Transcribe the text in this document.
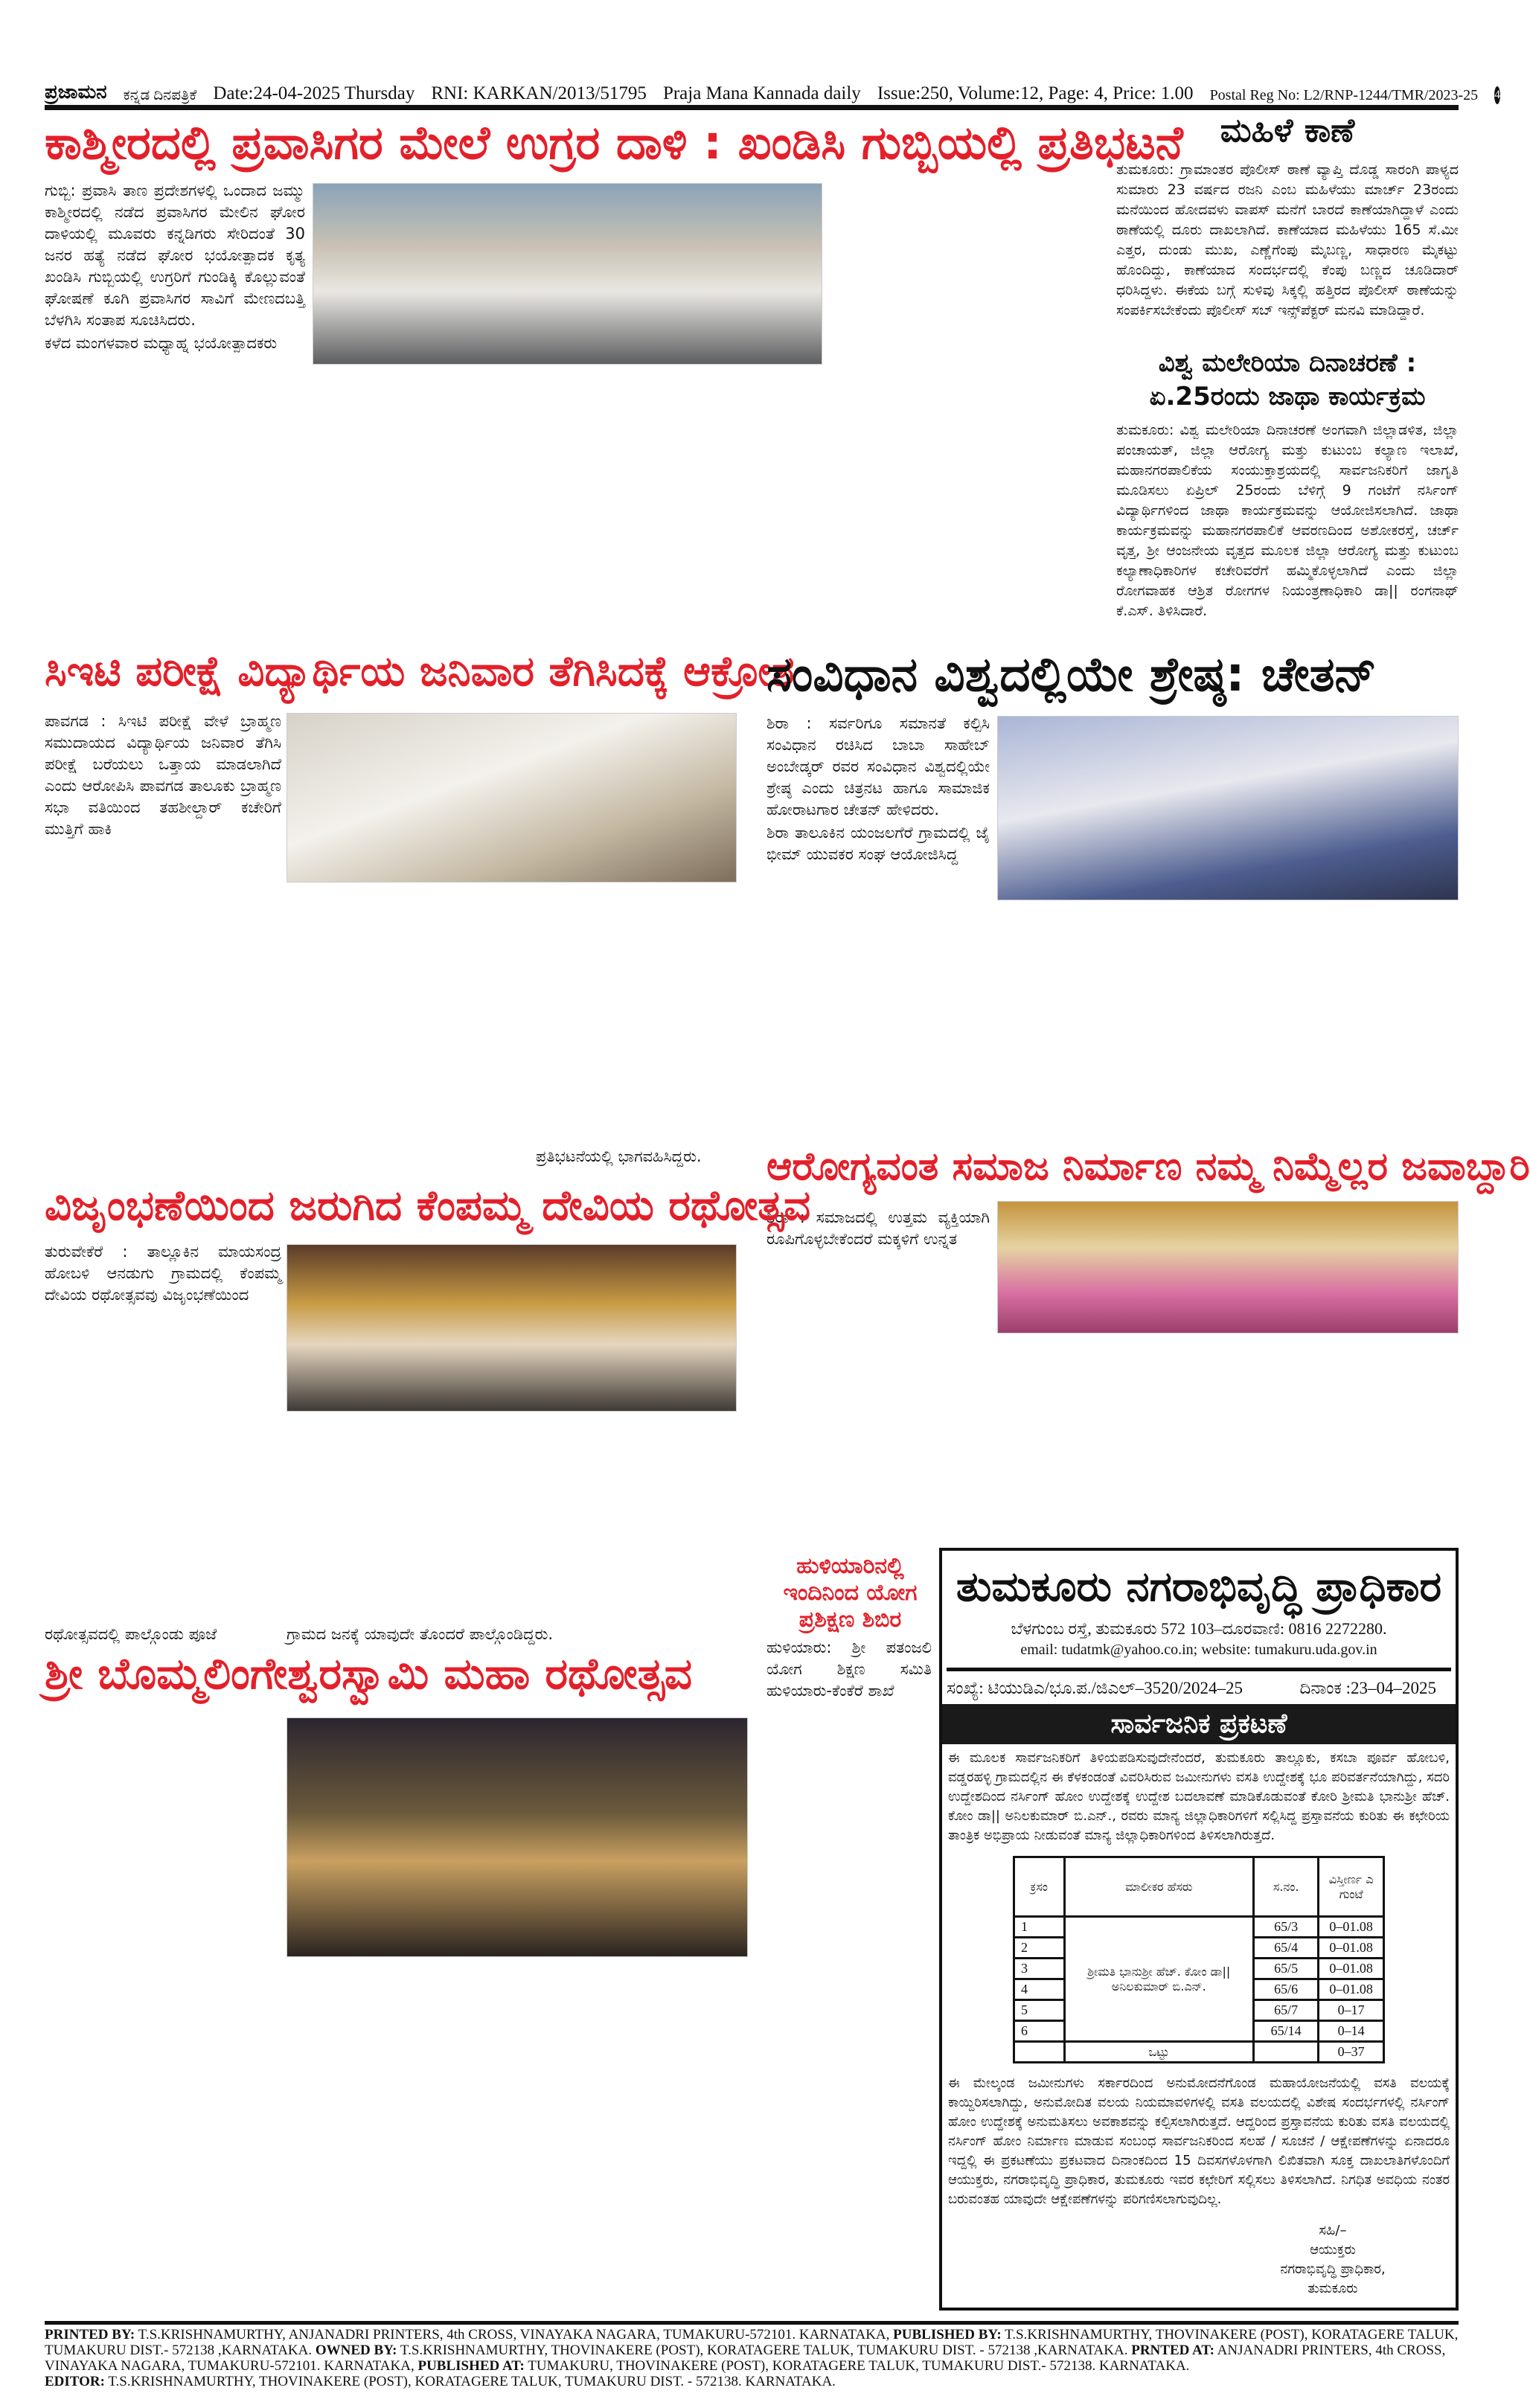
ಪ್ರಜಾಮನ ಕನ್ನಡ ದಿನಪತ್ರಿಕೆ Date:24-04-2025 Thursday RNI: KARKAN/2013/51795 Praja Mana Kannada daily Issue:250, Volume:12, Page: 4, Price: 1.00 Postal Reg No: L2/RNP-1244/TMR/2023-25 4
ಕಾಶ್ಮೀರದಲ್ಲಿ ಪ್ರವಾಸಿಗರ ಮೇಲೆ ಉಗ್ರರ ದಾಳಿ : ಖಂಡಿಸಿ ಗುಬ್ಬಿಯಲ್ಲಿ ಪ್ರತಿಭಟನೆ

ಗುಬ್ಬಿ: ಪ್ರವಾಸಿ ತಾಣ ಪ್ರದೇಶಗಳಲ್ಲಿ ಒಂದಾದ ಜಮ್ಮು ಕಾಶ್ಮೀರದಲ್ಲಿ ನಡೆದ ಪ್ರವಾಸಿಗರ ಮೇಲಿನ ಘೋರ ದಾಳಿಯಲ್ಲಿ ಮೂವರು ಕನ್ನಡಿಗರು ಸೇರಿದಂತೆ 30 ಜನರ ಹತ್ಯೆ ನಡೆದ ಘೋರ ಭಯೋತ್ಪಾದಕ ಕೃತ್ಯ ಖಂಡಿಸಿ ಗುಬ್ಬಿಯಲ್ಲಿ ಉಗ್ರರಿಗೆ ಗುಂಡಿಕ್ಕಿ ಕೊಲ್ಲುವಂತೆ ಘೋಷಣೆ ಕೂಗಿ ಪ್ರವಾಸಿಗರ ಸಾವಿಗೆ ಮೇಣದಬತ್ತಿ ಬೆಳಗಿಸಿ ಸಂತಾಪ ಸೂಚಿಸಿದರು.

ಕಳೆದ ಮಂಗಳವಾರ ಮಧ್ಯಾಹ್ನ ಭಯೋತ್ಪಾದಕರು

ಮಹಿಳೆ ಕಾಣೆ

ತುಮಕೂರು: ಗ್ರಾಮಾಂತರ ಪೊಲೀಸ್ ಠಾಣೆ ವ್ಯಾಪ್ತಿ ದೊಡ್ಡ ಸಾರಂಗಿ ಪಾಳ್ಯದ ಸುಮಾರು 23 ವರ್ಷದ ರಜನಿ ಎಂಬ ಮಹಿಳೆಯು ಮಾರ್ಚ್ 23ರಂದು ಮನೆಯಿಂದ ಹೋದವಳು ವಾಪಸ್ ಮನೆಗೆ ಬಾರದೆ ಕಾಣೆಯಾಗಿದ್ದಾಳೆ ಎಂದು ಠಾಣೆಯಲ್ಲಿ ದೂರು ದಾಖಲಾಗಿದೆ. ಕಾಣೆಯಾದ ಮಹಿಳೆಯು 165 ಸೆ.ಮೀ ಎತ್ತರ, ದುಂಡು ಮುಖ, ಎಣ್ಣೆಗೆಂಪು ಮೈಬಣ್ಣ, ಸಾಧಾರಣ ಮೈಕಟ್ಟು ಹೊಂದಿದ್ದು, ಕಾಣೆಯಾದ ಸಂದರ್ಭದಲ್ಲಿ ಕೆಂಪು ಬಣ್ಣದ ಚೂಡಿದಾರ್ ಧರಿಸಿದ್ದಳು. ಈಕೆಯ ಬಗ್ಗೆ ಸುಳಿವು ಸಿಕ್ಕಲ್ಲಿ ಹತ್ತಿರದ ಪೊಲೀಸ್ ಠಾಣೆಯನ್ನು ಸಂಪರ್ಕಿಸಬೇಕೆಂದು ಪೊಲೀಸ್ ಸಬ್ ಇನ್ಸ್‌ಪೆಕ್ಟರ್ ಮನವಿ ಮಾಡಿದ್ದಾರೆ.

ವಿಶ್ವ ಮಲೇರಿಯಾ ದಿನಾಚರಣೆ :
ಏ.25ರಂದು ಜಾಥಾ ಕಾರ್ಯಕ್ರಮ

ತುಮಕೂರು: ವಿಶ್ವ ಮಲೇರಿಯಾ ದಿನಾಚರಣೆ ಅಂಗವಾಗಿ ಜಿಲ್ಲಾಡಳಿತ, ಜಿಲ್ಲಾ ಪಂಚಾಯತ್, ಜಿಲ್ಲಾ ಆರೋಗ್ಯ ಮತ್ತು ಕುಟುಂಬ ಕಲ್ಯಾಣ ಇಲಾಖೆ, ಮಹಾನಗರಪಾಲಿಕೆಯ ಸಂಯುಕ್ತಾಶ್ರಯದಲ್ಲಿ ಸಾರ್ವಜನಿಕರಿಗೆ ಜಾಗೃತಿ ಮೂಡಿಸಲು ಏಪ್ರಿಲ್ 25ರಂದು ಬೆಳಿಗ್ಗೆ 9 ಗಂಟೆಗೆ ನರ್ಸಿಂಗ್ ವಿದ್ಯಾರ್ಥಿಗಳಿಂದ ಜಾಥಾ ಕಾರ್ಯಕ್ರಮವನ್ನು ಆಯೋಜಿಸಲಾಗಿದೆ. ಜಾಥಾ ಕಾರ್ಯಕ್ರಮವನ್ನು ಮಹಾನಗರಪಾಲಿಕೆ ಆವರಣದಿಂದ ಅಶೋಕರಸ್ತೆ, ಚರ್ಚ್ ವೃತ್ತ, ಶ್ರೀ ಆಂಜನೇಯ ವೃತ್ತದ ಮೂಲಕ ಜಿಲ್ಲಾ ಆರೋಗ್ಯ ಮತ್ತು ಕುಟುಂಬ ಕಲ್ಯಾಣಾಧಿಕಾರಿಗಳ ಕಚೇರಿವರೆಗೆ ಹಮ್ಮಿಕೊಳ್ಳಲಾಗಿದೆ ಎಂದು ಜಿಲ್ಲಾ ರೋಗವಾಹಕ ಆಶ್ರಿತ ರೋಗಗಳ ನಿಯಂತ್ರಣಾಧಿಕಾರಿ ಡಾ|| ರಂಗನಾಥ್ ಕೆ.ಎಸ್. ತಿಳಿಸಿದಾರೆ.

ಸಿಇಟಿ ಪರೀಕ್ಷೆ ವಿದ್ಯಾರ್ಥಿಯ ಜನಿವಾರ ತೆಗಿಸಿದಕ್ಕೆ ಆಕ್ರೋಶ

ಪಾವಗಡ : ಸಿಇಟಿ ಪರೀಕ್ಷೆ ವೇಳೆ ಬ್ರಾಹ್ಮಣ ಸಮುದಾಯದ ವಿದ್ಯಾರ್ಥಿಯ ಜನಿವಾರ ತೆಗಿಸಿ ಪರೀಕ್ಷೆ ಬರೆಯಲು ಒತ್ತಾಯ ಮಾಡಲಾಗಿದೆ ಎಂದು ಆರೋಪಿಸಿ ಪಾವಗಡ ತಾಲೂಕು ಬ್ರಾಹ್ಮಣ ಸಭಾ ವತಿಯಿಂದ ತಹಶೀಲ್ದಾರ್ ಕಚೇರಿಗೆ ಮುತ್ತಿಗೆ ಹಾಕಿ

ಪ್ರತಿಭಟನೆಯಲ್ಲಿ ಭಾಗವಹಿಸಿದ್ದರು.
ಸಂವಿಧಾನ ವಿಶ್ವದಲ್ಲಿಯೇ ಶ್ರೇಷ್ಠ: ಚೇತನ್

ಶಿರಾ : ಸರ್ವರಿಗೂ ಸಮಾನತೆ ಕಲ್ಪಿಸಿ ಸಂವಿಧಾನ ರಚಿಸಿದ ಬಾಬಾ ಸಾಹೇಬ್ ಅಂಬೇಡ್ಕರ್ ರವರ ಸಂವಿಧಾನ ವಿಶ್ವದಲ್ಲಿಯೇ ಶ್ರೇಷ್ಠ ಎಂದು ಚಿತ್ರನಟ ಹಾಗೂ ಸಾಮಾಜಿಕ ಹೋರಾಟಗಾರ ಚೇತನ್ ಹೇಳಿದರು.

ಶಿರಾ ತಾಲೂಕಿನ ಯಂಜಲಗೆರೆ ಗ್ರಾಮದಲ್ಲಿ ಜೈ ಭೀಮ್ ಯುವಕರ ಸಂಘ ಆಯೋಜಿಸಿದ್ದ

ಆರೋಗ್ಯವಂತ ಸಮಾಜ ನಿರ್ಮಾಣ ನಮ್ಮ ನಿಮ್ಮೆಲ್ಲರ ಜವಾಬ್ದಾರಿ

ಶಿರಾ : ಸಮಾಜದಲ್ಲಿ ಉತ್ತಮ ವ್ಯಕ್ತಿಯಾಗಿ ರೂಪಿಗೊಳ್ಳಬೇಕೆಂದರೆ ಮಕ್ಕಳಿಗೆ ಉನ್ನತ

ವಿಜೃಂಭಣೆಯಿಂದ ಜರುಗಿದ ಕೆಂಪಮ್ಮ ದೇವಿಯ ರಥೋತ್ಸವ

ತುರುವೇಕೆರೆ : ತಾಲ್ಲೂಕಿನ ಮಾಯಸಂದ್ರ ಹೋಬಳಿ ಆನಡುಗು ಗ್ರಾಮದಲ್ಲಿ ಕೆಂಪಮ್ಮ ದೇವಿಯ ರಥೋತ್ಸವವು ವಿಜೃಂಭಣೆಯಿಂದ

ರಥೋತ್ಸವದಲ್ಲಿ ಪಾಲ್ಗೊಂಡು ಪೂಜೆ	ಗ್ರಾಮದ ಜನಕ್ಕೆ ಯಾವುದೇ ತೊಂದರೆ ಪಾಲ್ಗೊಂಡಿದ್ದರು.
ಹುಳಿಯಾರಿನಲ್ಲಿ
ಇಂದಿನಿಂದ ಯೋಗ
ಪ್ರಶಿಕ್ಷಣ ಶಿಬಿರ

ಹುಳಿಯಾರು: ಶ್ರೀ ಪತಂಜಲಿ ಯೋಗ ಶಿಕ್ಷಣ ಸಮಿತಿ ಹುಳಿಯಾರು-ಕೆಂಕೆರೆ ಶಾಖೆ

ಶ್ರೀ ಬೊಮ್ಮಲಿಂಗೇಶ್ವರಸ್ವಾಮಿ ಮಹಾ ರಥೋತ್ಸವ
ತುಮಕೂರು ನಗರಾಭಿವೃದ್ಧಿ ಪ್ರಾಧಿಕಾರ
ಬೆಳಗುಂಬ ರಸ್ತೆ, ತುಮಕೂರು 572 103–ದೂರವಾಣಿ: 0816 2272280.
email: tudatmk@yahoo.co.in; website: tumakuru.uda.gov.in
ಸಂಖ್ಯೆ: ಟಿಯುಡಿಎ/ಭೂ.ಪ./ಜಿಎಲ್–3520/2024–25	ದಿನಾಂಕ :23–04–2025
ಸಾರ್ವಜನಿಕ ಪ್ರಕಟಣೆ
ಈ ಮೂಲಕ ಸಾರ್ವಜನಿಕರಿಗೆ ತಿಳಿಯಪಡಿಸುವುದೇನೆಂದರೆ, ತುಮಕೂರು ತಾಲ್ಲೂಕು, ಕಸಬಾ ಪೂರ್ವ ಹೋಬಳಿ, ವಡ್ಡರಹಳ್ಳಿ ಗ್ರಾಮದಲ್ಲಿನ ಈ ಕೆಳಕಂಡಂತೆ ವಿವರಿಸಿರುವ ಜಮೀನುಗಳು ವಸತಿ ಉದ್ದೇಶಕ್ಕೆ ಭೂ ಪರಿವರ್ತನೆಯಾಗಿದ್ದು, ಸದರಿ ಉದ್ದೇಶದಿಂದ ನರ್ಸಿಂಗ್ ಹೋಂ ಉದ್ದೇಶಕ್ಕೆ ಉದ್ದೇಶ ಬದಲಾವಣೆ ಮಾಡಿಕೊಡುವಂತೆ ಕೋರಿ ಶ್ರೀಮತಿ ಭಾನುಶ್ರೀ ಹೆಚ್. ಕೋಂ ಡಾ|| ಅನಿಲಕುಮಾರ್ ಬಿ.ಎನ್., ರವರು ಮಾನ್ಯ ಜಿಲ್ಲಾಧಿಕಾರಿಗಳಿಗೆ ಸಲ್ಲಿಸಿದ್ದ ಪ್ರಸ್ತಾವನೆಯ ಕುರಿತು ಈ ಕಛೇರಿಯ ತಾಂತ್ರಿಕ ಅಭಿಪ್ರಾಯ ನೀಡುವಂತೆ ಮಾನ್ಯ ಜಿಲ್ಲಾಧಿಕಾರಿಗಳಿಂದ ತಿಳಿಸಲಾಗಿರುತ್ತದೆ.
ಕ್ರಸಂ	ಮಾಲೀಕರ ಹೆಸರು	ಸ.ನಂ.	ವಿಸ್ತೀರ್ಣ ಎ ಗುಂಟೆ
1	ಶ್ರೀಮತಿ ಭಾನುಶ್ರೀ ಹೆಚ್. ಕೋಂ ಡಾ|| ಅನಿಲಕುಮಾರ್ ಬಿ.ಎನ್.	65/3	0–01.08
2		65/4	0–01.08
3		65/5	0–01.08
4		65/6	0–01.08
5		65/7	0–17
6		65/14	0–14
	ಒಟ್ಟು		0–37
ಈ ಮೇಲ್ಕಂಡ ಜಮೀನುಗಳು ಸರ್ಕಾರದಿಂದ ಅನುಮೋದನೆಗೊಂಡ ಮಹಾಯೋಜನೆಯಲ್ಲಿ ವಸತಿ ವಲಯಕ್ಕೆ ಕಾಯ್ದಿರಿಸಲಾಗಿದ್ದು, ಅನುಮೋದಿತ ವಲಯ ನಿಯಮಾವಳಿಗಳಲ್ಲಿ ವಸತಿ ವಲಯದಲ್ಲಿ ವಿಶೇಷ ಸಂದರ್ಭಗಳಲ್ಲಿ ನರ್ಸಿಂಗ್ ಹೋಂ ಉದ್ದೇಶಕ್ಕೆ ಅನುಮತಿಸಲು ಅವಕಾಶವನ್ನು ಕಲ್ಪಿಸಲಾಗಿರುತ್ತದೆ. ಆದ್ದರಿಂದ ಪ್ರಸ್ತಾವನೆಯ ಕುರಿತು ವಸತಿ ವಲಯದಲ್ಲಿ ನರ್ಸಿಂಗ್ ಹೋಂ ನಿರ್ಮಾಣ ಮಾಡುವ ಸಂಬಂಧ ಸಾರ್ವಜನಿಕರಿಂದ ಸಲಹೆ / ಸೂಚನೆ / ಆಕ್ಷೇಪಣೆಗಳನ್ನು ಏನಾದರೂ ಇದ್ದಲ್ಲಿ ಈ ಪ್ರಕಟಣೆಯು ಪ್ರಕಟವಾದ ದಿನಾಂಕದಿಂದ 15 ದಿವಸಗಳೊಳಗಾಗಿ ಲಿಖಿತವಾಗಿ ಸೂಕ್ತ ದಾಖಲಾತಿಗಳೊಂದಿಗೆ ಆಯುಕ್ತರು, ನಗರಾಭಿವೃದ್ಧಿ ಪ್ರಾಧಿಕಾರ, ತುಮಕೂರು ಇವರ ಕಛೇರಿಗೆ ಸಲ್ಲಿಸಲು ತಿಳಿಸಲಾಗಿದೆ. ನಿಗಧಿತ ಅವಧಿಯ ನಂತರ ಬರುವಂತಹ ಯಾವುದೇ ಆಕ್ಷೇಪಣೆಗಳನ್ನು ಪರಿಗಣಿಸಲಾಗುವುದಿಲ್ಲ.
ಸಹಿ/–
ಆಯುಕ್ತರು
ನಗರಾಭಿವೃದ್ಧಿ ಪ್ರಾಧಿಕಾರ,
ತುಮಕೂರು
PRINTED BY: T.S.KRISHNAMURTHY, ANJANADRI PRINTERS, 4th CROSS, VINAYAKA NAGARA, TUMAKURU-572101. KARNATAKA, PUBLISHED BY: T.S.KRISHNAMURTHY, THOVINAKERE (POST), KORATAGERE TALUK, TUMAKURU DIST.- 572138 ,KARNATAKA. OWNED BY: T.S.KRISHNAMURTHY, THOVINAKERE (POST), KORATAGERE TALUK, TUMAKURU DIST. - 572138 ,KARNATAKA. PRNTED AT: ANJANADRI PRINTERS, 4th CROSS, VINAYAKA NAGARA, TUMAKURU-572101. KARNATAKA, PUBLISHED AT: TUMAKURU, THOVINAKERE (POST), KORATAGERE TALUK, TUMAKURU DIST.- 572138. KARNATAKA.
EDITOR: T.S.KRISHNAMURTHY, THOVINAKERE (POST), KORATAGERE TALUK, TUMAKURU DIST. - 572138. KARNATAKA.
